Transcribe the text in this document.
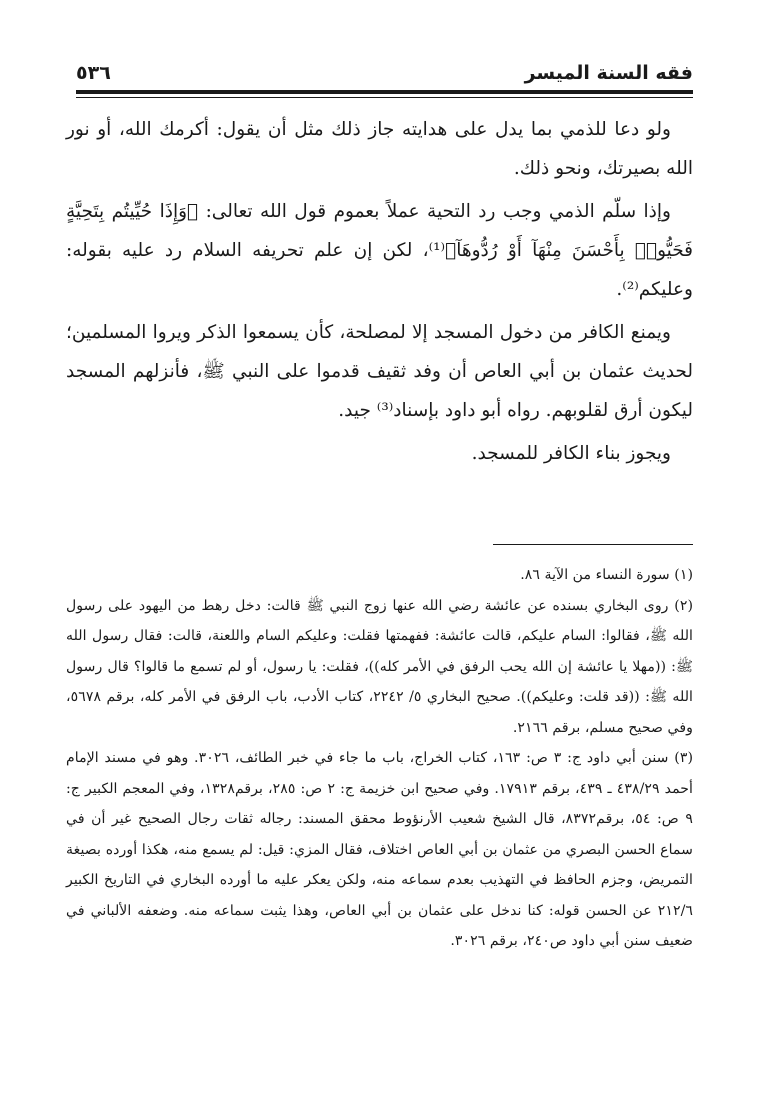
فقه السنة الميسر
٥٣٦

ولو دعا للذمي بما يدل على هدايته جاز ذلك مثل أن يقول: أكرمك الله، أو نور الله بصيرتك، ونحو ذلك.

وإذا سلّم الذمي وجب رد التحية عملاً بعموم قول الله تعالى: ﴿وَإِذَا حُيِّيتُم بِتَحِيَّةٍ فَحَيُّوا۟ بِأَحْسَنَ مِنْهَآ أَوْ رُدُّوهَآ﴾⁽¹⁾، لكن إن علم تحريفه السلام رد عليه بقوله: وعليكم⁽²⁾.

ويمنع الكافر من دخول المسجد إلا لمصلحة، كأن يسمعوا الذكر ويروا المسلمين؛ لحديث عثمان بن أبي العاص أن وفد ثقيف قدموا على النبي ﷺ، فأنزلهم المسجد ليكون أرق لقلوبهم. رواه أبو داود بإسناد⁽³⁾ جيد.

ويجوز بناء الكافر للمسجد.

(١) سورة النساء من الآية ٨٦.

(٢) روى البخاري بسنده عن عائشة رضي الله عنها زوج النبي ﷺ قالت: دخل رهط من اليهود على رسول الله ﷺ، فقالوا: السام عليكم، قالت عائشة: ففهمتها فقلت: وعليكم السام واللعنة، قالت: فقال رسول الله ﷺ: ((مهلا يا عائشة إن الله يحب الرفق في الأمر كله))، فقلت: يا رسول، أو لم تسمع ما قالوا؟ قال رسول الله ﷺ: ((قد قلت: وعليكم)). صحيح البخاري ٥/ ٢٢٤٢، كتاب الأدب، باب الرفق في الأمر كله، برقم ٥٦٧٨، وفي صحيح مسلم، برقم ٢١٦٦.

(٣) سنن أبي داود ج: ٣ ص: ١٦٣، كتاب الخراج، باب ما جاء في خبر الطائف، ٣٠٢٦. وهو في مسند الإمام أحمد ٤٣٨/٢٩ ـ ٤٣٩، برقم ١٧٩١٣. وفي صحيح ابن خزيمة ج: ٢ ص: ٢٨٥، برقم١٣٢٨، وفي المعجم الكبير ج: ٩ ص: ٥٤، برقم٨٣٧٢، قال الشيخ شعيب الأرنؤوط محقق المسند: رجاله ثقات رجال الصحيح غير أن في سماع الحسن البصري من عثمان بن أبي العاص اختلاف، فقال المزي: قيل: لم يسمع منه، هكذا أورده بصيغة التمريض، وجزم الحافظ في التهذيب بعدم سماعه منه، ولكن يعكر عليه ما أورده البخاري في التاريخ الكبير ٢١٢/٦ عن الحسن قوله: كنا ندخل على عثمان بن أبي العاص، وهذا يثبت سماعه منه. وضعفه الألباني في ضعيف سنن أبي داود ص٢٤٠، برقم ٣٠٢٦.
